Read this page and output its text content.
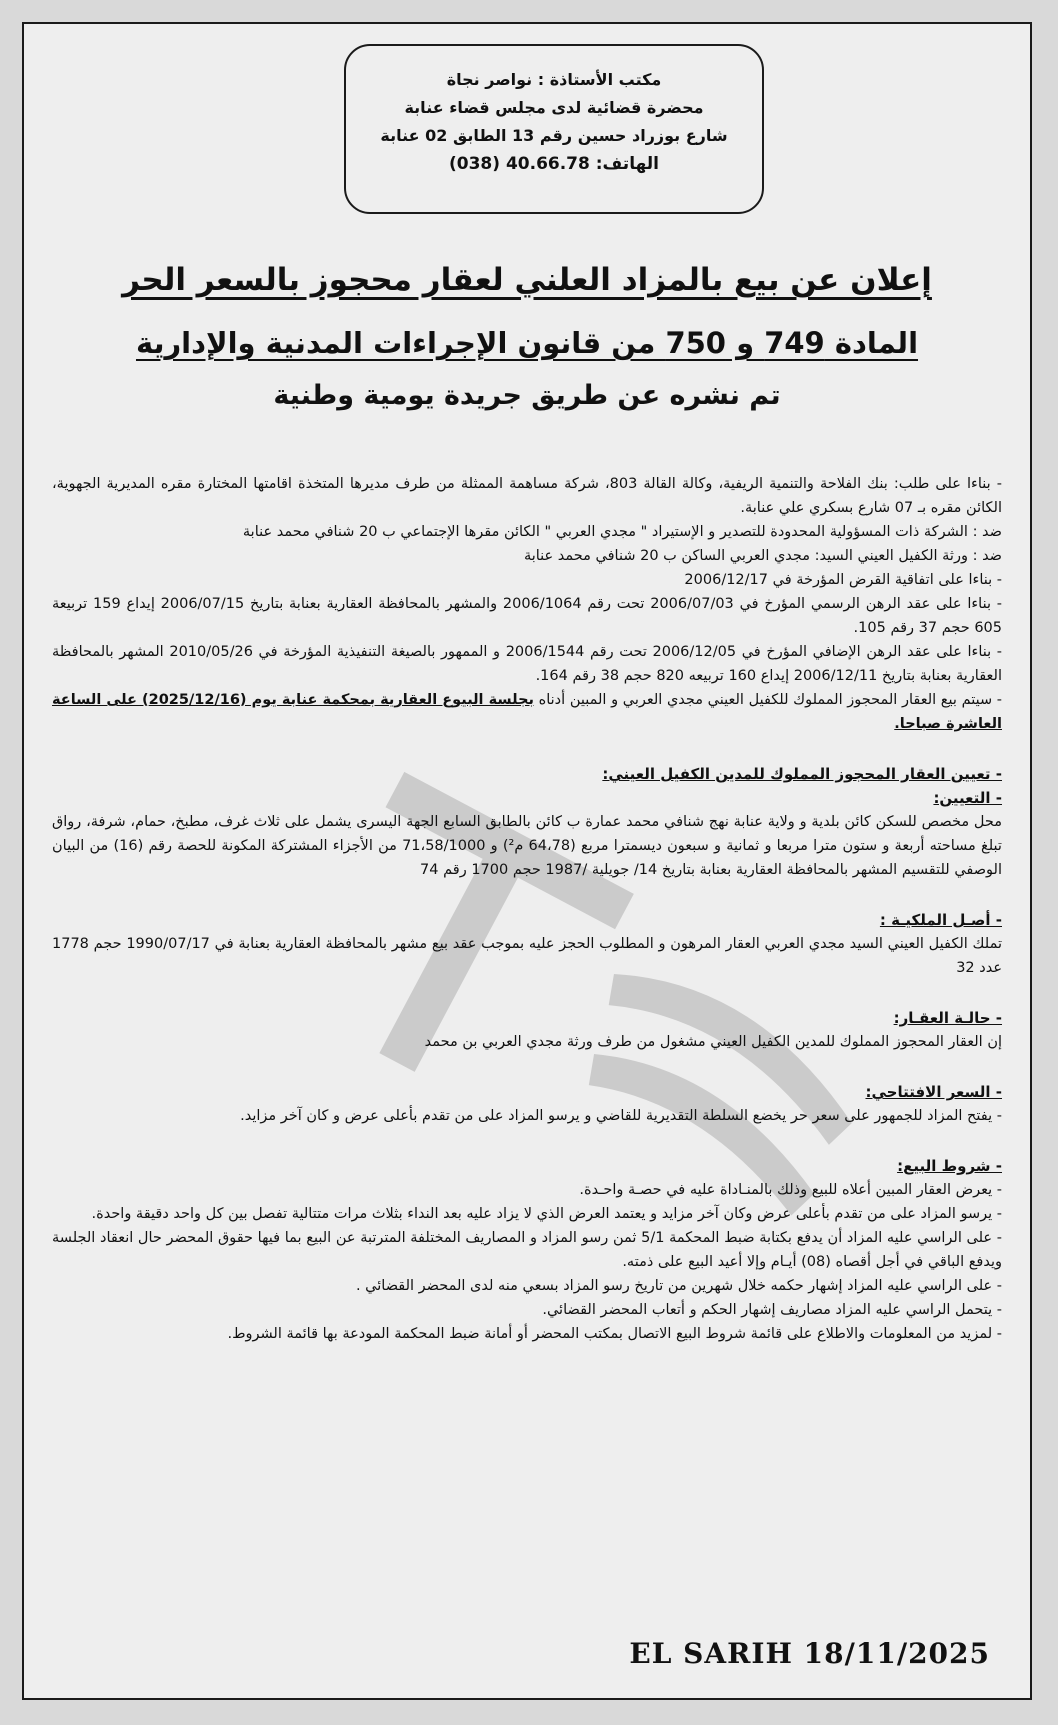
مكتب الأستاذة : نواصر نجاة
محضرة قضائية لدى مجلس قضاء عنابة
شارع بوزراد حسين رقم 13 الطابق 02 عنابة
الهاتف: 40.66.78 (038)
إعلان عن بيع بالمزاد العلني لعقار محجوز بالسعر الحر
المادة 749 و 750 من قانون الإجراءات المدنية والإدارية
تم نشره عن طريق جريدة يومية وطنية

- بناءا على طلب: بنك الفلاحة والتنمية الريفية، وكالة القالة 803، شركة مساهمة الممثلة من طرف مديرها المتخذة اقامتها المختارة مقره المديرية الجهوية، الكائن مقره بـ 07 شارع بسكري علي عنابة.

ضد : الشركة ذات المسؤولية المحدودة للتصدير و الإستيراد " مجدي العربي " الكائن مقرها الإجتماعي ب 20 شنافي محمد عنابة

ضد : ورثة الكفيل العيني السيد: مجدي العربي الساكن ب 20 شنافي محمد عنابة

- بناءا على اتفاقية القرض المؤرخة في 2006/12/17

- بناءا على عقد الرهن الرسمي المؤرخ في 2006/07/03 تحت رقم 2006/1064 والمشهر بالمحافظة العقارية بعنابة بتاريخ 2006/07/15 إيداع 159 تربيعة 605 حجم 37 رقم 105.

- بناءا على عقد الرهن الإضافي المؤرخ في 2006/12/05 تحت رقم 2006/1544 و الممهور بالصيغة التنفيذية المؤرخة في 2010/05/26 المشهر بالمحافظة العقارية بعنابة بتاريخ 2006/12/11 إيداع 160 تربيعه 820 حجم 38 رقم 164.

- سيتم بيع العقار المحجوز المملوك للكفيل العيني مجدي العربي و المبين أدناه بجلسة البيوع العقارية بمحكمة عنابة يوم (2025/12/16) على الساعة العاشرة صباحا.

- تعيين العقار المحجوز المملوك للمدين الكفيل العيني:

- التعيين:

محل مخصص للسكن كائن بلدية و ولاية عنابة نهج شنافي محمد عمارة ب كائن بالطابق السابع الجهة اليسرى يشمل على ثلاث غرف، مطبخ، حمام، شرفة، رواق تبلغ مساحته أربعة و ستون مترا مربعا و ثمانية و سبعون ديسمترا مربع (64،78 م²) و 71،58/1000 من الأجزاء المشتركة المكونة للحصة رقم (16) من البيان الوصفي للتقسيم المشهر بالمحافظة العقارية بعنابة بتاريخ 14/ جويلية /1987 حجم 1700 رقم 74

- أصـل الملكيـة :

تملك الكفيل العيني السيد مجدي العربي العقار المرهون و المطلوب الحجز عليه بموجب عقد بيع مشهر بالمحافظة العقارية بعنابة في 1990/07/17 حجم 1778 عدد 32

- حالـة العقـار:

إن العقار المحجوز المملوك للمدين الكفيل العيني مشغول من طرف ورثة مجدي العربي بن محمد

- السعر الافتتاحي:

- يفتح المزاد للجمهور على سعر حر يخضع السلطة التقديرية للقاضي و يرسو المزاد على من تقدم بأعلى عرض و كان آخر مزايد.

- شروط البيع:

- يعرض العقار المبين أعلاه للبيع وذلك بالمنـاداة عليه في حصـة واحـدة.

- يرسو المزاد على من تقدم بأعلى عرض وكان آخر مزايد و يعتمد العرض الذي لا يزاد عليه بعد النداء بثلاث مرات متتالية تفصل بين كل واحد دقيقة واحدة.

- على الراسي عليه المزاد أن يدفع بكتابة ضبط المحكمة 5/1 ثمن رسو المزاد و المصاريف المختلفة المترتبة عن البيع بما فيها حقوق المحضر حال انعقاد الجلسة ويدفع الباقي في أجل أقصاه (08) أيـام وإلا أعيد البيع على ذمته.

- على الراسي عليه المزاد إشهار حكمه خلال شهرين من تاريخ رسو المزاد بسعي منه لدى المحضر القضائي .

- يتحمل الراسي عليه المزاد مصاريف إشهار الحكم و أتعاب المحضر القضائي.

- لمزيد من المعلومات والاطلاع على قائمة شروط البيع الاتصال بمكتب المحضر أو أمانة ضبط المحكمة المودعة بها قائمة الشروط.

EL SARIH 18/11/2025
